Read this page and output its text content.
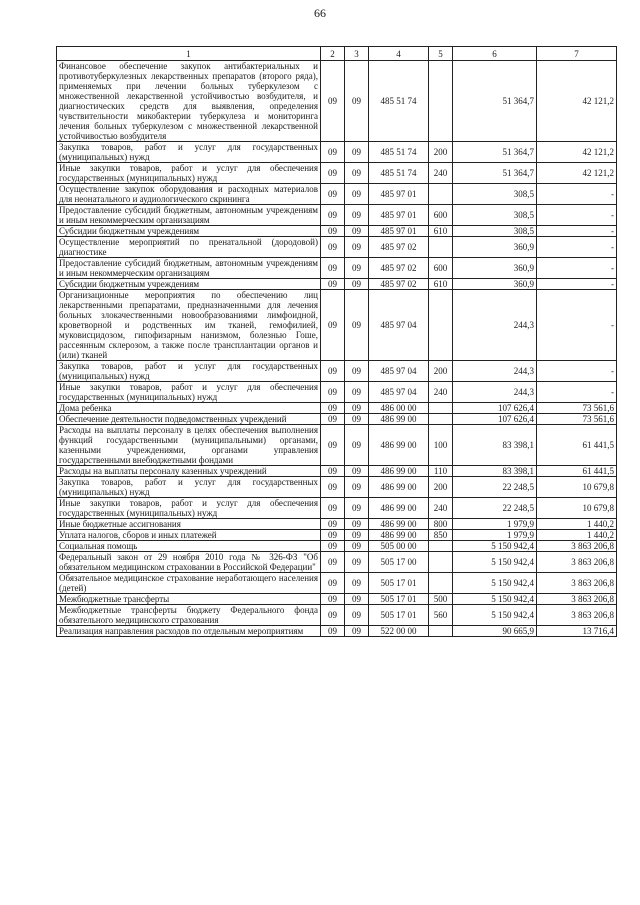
66
1	2	3	4	5	6	7
Финансовое обеспечение закупок антибактериальных и противотуберкулезных лекарственных препаратов (второго ряда), применяемых при лечении больных туберкулезом с множественной лекарственной устойчивостью возбудителя, и диагностических средств для выявления, определения чувствительности микобактерии туберкулеза и мониторинга лечения больных туберкулезом с множественной лекарственной устойчивостью возбудителя	09	09	485 51 74		51 364,7	42 121,2
Закупка товаров, работ и услуг для государственных (муниципальных) нужд	09	09	485 51 74	200	51 364,7	42 121,2
Иные закупки товаров, работ и услуг для обеспечения государственных (муниципальных) нужд	09	09	485 51 74	240	51 364,7	42 121,2
Осуществление закупок оборудования и расходных материалов для неонатального и аудиологического скрининга	09	09	485 97 01		308,5	-
Предоставление субсидий бюджетным, автономным учреждениям и иным некоммерческим организациям	09	09	485 97 01	600	308,5	-
Субсидии бюджетным учреждениям	09	09	485 97 01	610	308,5	-
Осуществление мероприятий по пренатальной (дородовой) диагностике	09	09	485 97 02		360,9	-
Предоставление субсидий бюджетным, автономным учреждениям и иным некоммерческим организациям	09	09	485 97 02	600	360,9	-
Субсидии бюджетным учреждениям	09	09	485 97 02	610	360,9	-
Организационные мероприятия по обеспечению лиц лекарственными препаратами, предназначенными для лечения больных злокачественными новообразованиями лимфоидной, кроветворной и родственных им тканей, гемофилией, муковисцидозом, гипофизарным нанизмом, болезнью Гоше, рассеянным склерозом, а также после трансплантации органов и (или) тканей	09	09	485 97 04		244,3	-
Закупка товаров, работ и услуг для государственных (муниципальных) нужд	09	09	485 97 04	200	244,3	-
Иные закупки товаров, работ и услуг для обеспечения государственных (муниципальных) нужд	09	09	485 97 04	240	244,3	-
Дома ребенка	09	09	486 00 00		107 626,4	73 561,6
Обеспечение деятельности подведомственных учреждений	09	09	486 99 00		107 626,4	73 561,6
Расходы на выплаты персоналу в целях обеспечения выполнения функций государственными (муниципальными) органами, казенными учреждениями, органами управления государственными внебюджетными фондами	09	09	486 99 00	100	83 398,1	61 441,5
Расходы на выплаты персоналу казенных учреждений	09	09	486 99 00	110	83 398,1	61 441,5
Закупка товаров, работ и услуг для государственных (муниципальных) нужд	09	09	486 99 00	200	22 248,5	10 679,8
Иные закупки товаров, работ и услуг для обеспечения государственных (муниципальных) нужд	09	09	486 99 00	240	22 248,5	10 679,8
Иные бюджетные ассигнования	09	09	486 99 00	800	1 979,9	1 440,2
Уплата налогов, сборов и иных платежей	09	09	486 99 00	850	1 979,9	1 440,2
Социальная помощь	09	09	505 00 00		5 150 942,4	3 863 206,8
Федеральный закон от 29 ноября 2010 года № 326-ФЗ "Об обязательном медицинском страховании в Российской Федерации"	09	09	505 17 00		5 150 942,4	3 863 206,8
Обязательное медицинское страхование неработающего населения (детей)	09	09	505 17 01		5 150 942,4	3 863 206,8
Межбюджетные трансферты	09	09	505 17 01	500	5 150 942,4	3 863 206,8
Межбюджетные трансферты бюджету Федерального фонда обязательного медицинского страхования	09	09	505 17 01	560	5 150 942,4	3 863 206,8
Реализация направления расходов по отдельным мероприятиям	09	09	522 00 00		90 665,9	13 716,4
